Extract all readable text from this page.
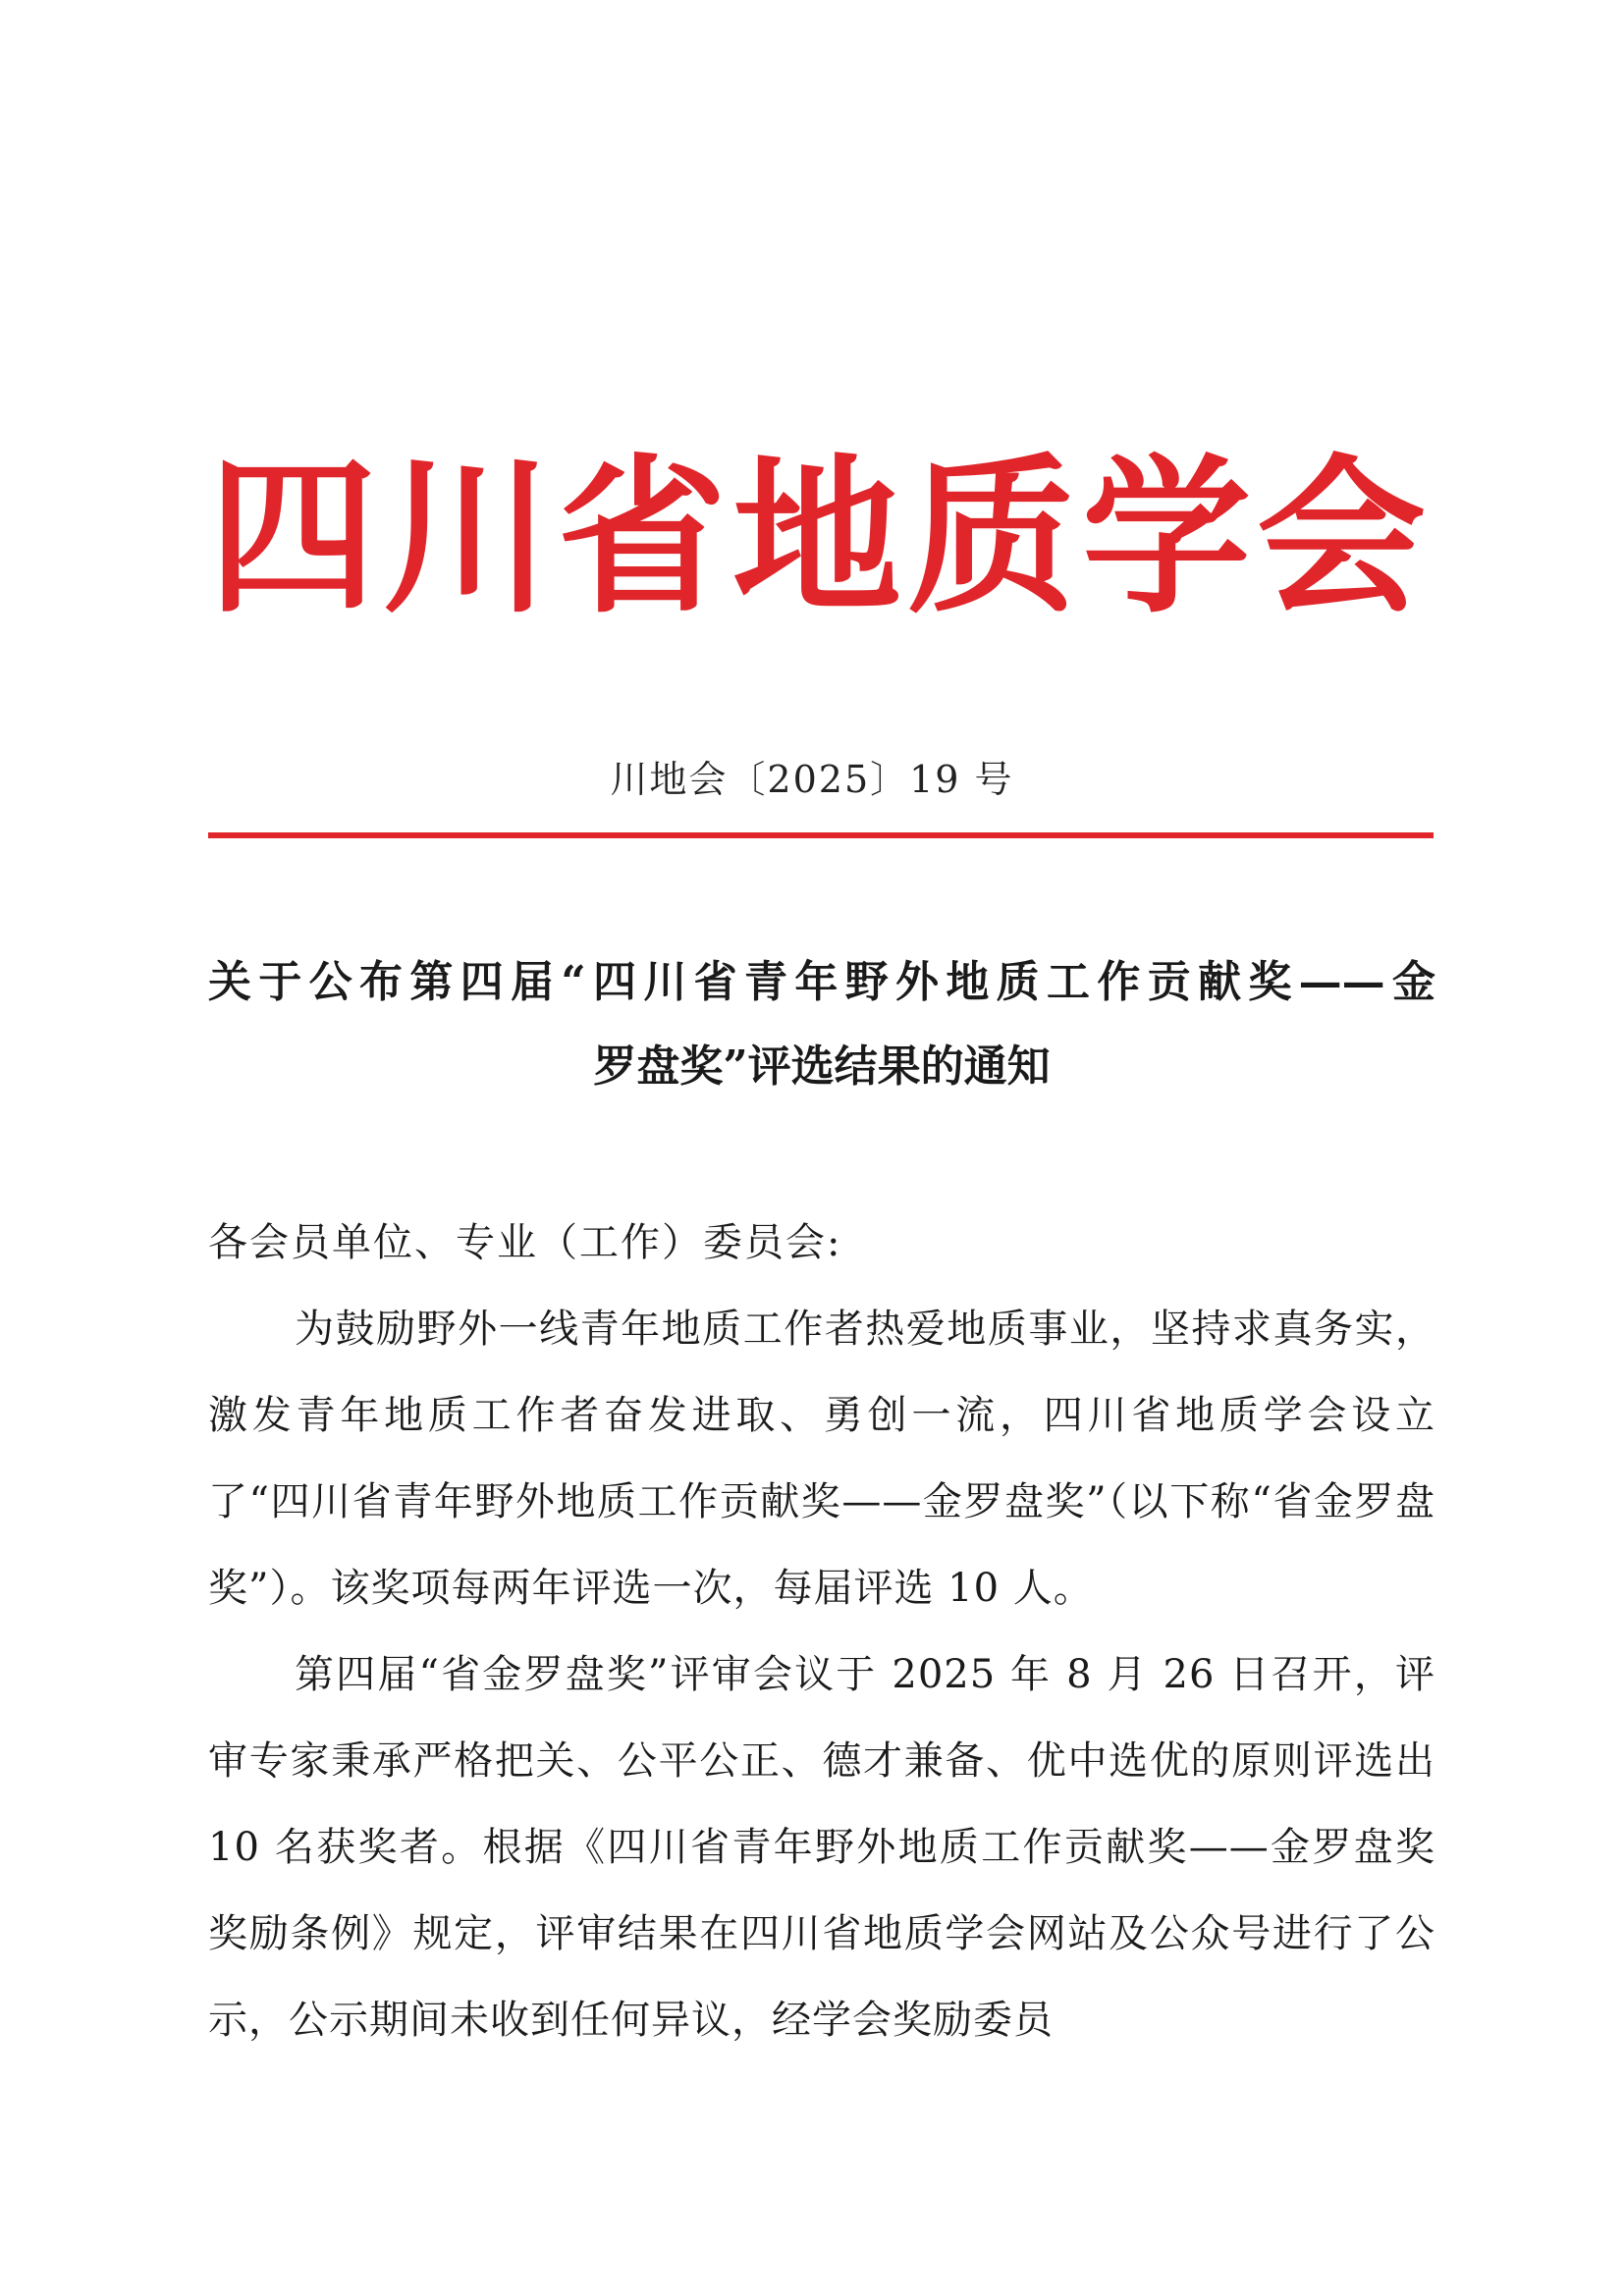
四 川 省 地 质 学 会
川地会〔2025〕19 号
关于公布第四届“四川省青年野外地质工作贡献奖——金
罗盘奖”评选结果的通知

各会员单位、专业（工作）委员会:

为鼓励野外一线青年地质工作者热爱地质事业，坚持求真务实，激发青年地质工作者奋发进取、勇创一流，四川省地质学会设立了“四川省青年野外地质工作贡献奖——金罗盘奖”（以下称“省金罗盘奖”）。该奖项每两年评选一次，每届评选 10 人。

第四届“省金罗盘奖”评审会议于 2025 年 8 月 26 日召开，评审专家秉承严格把关、公平公正、德才兼备、优中选优的原则评选出 10 名获奖者。根据《四川省青年野外地质工作贡献奖——金罗盘奖奖励条例》规定，评审结果在四川省地质学会网站及公众号进行了公示，公示期间未收到任何异议，经学会奖励委员
